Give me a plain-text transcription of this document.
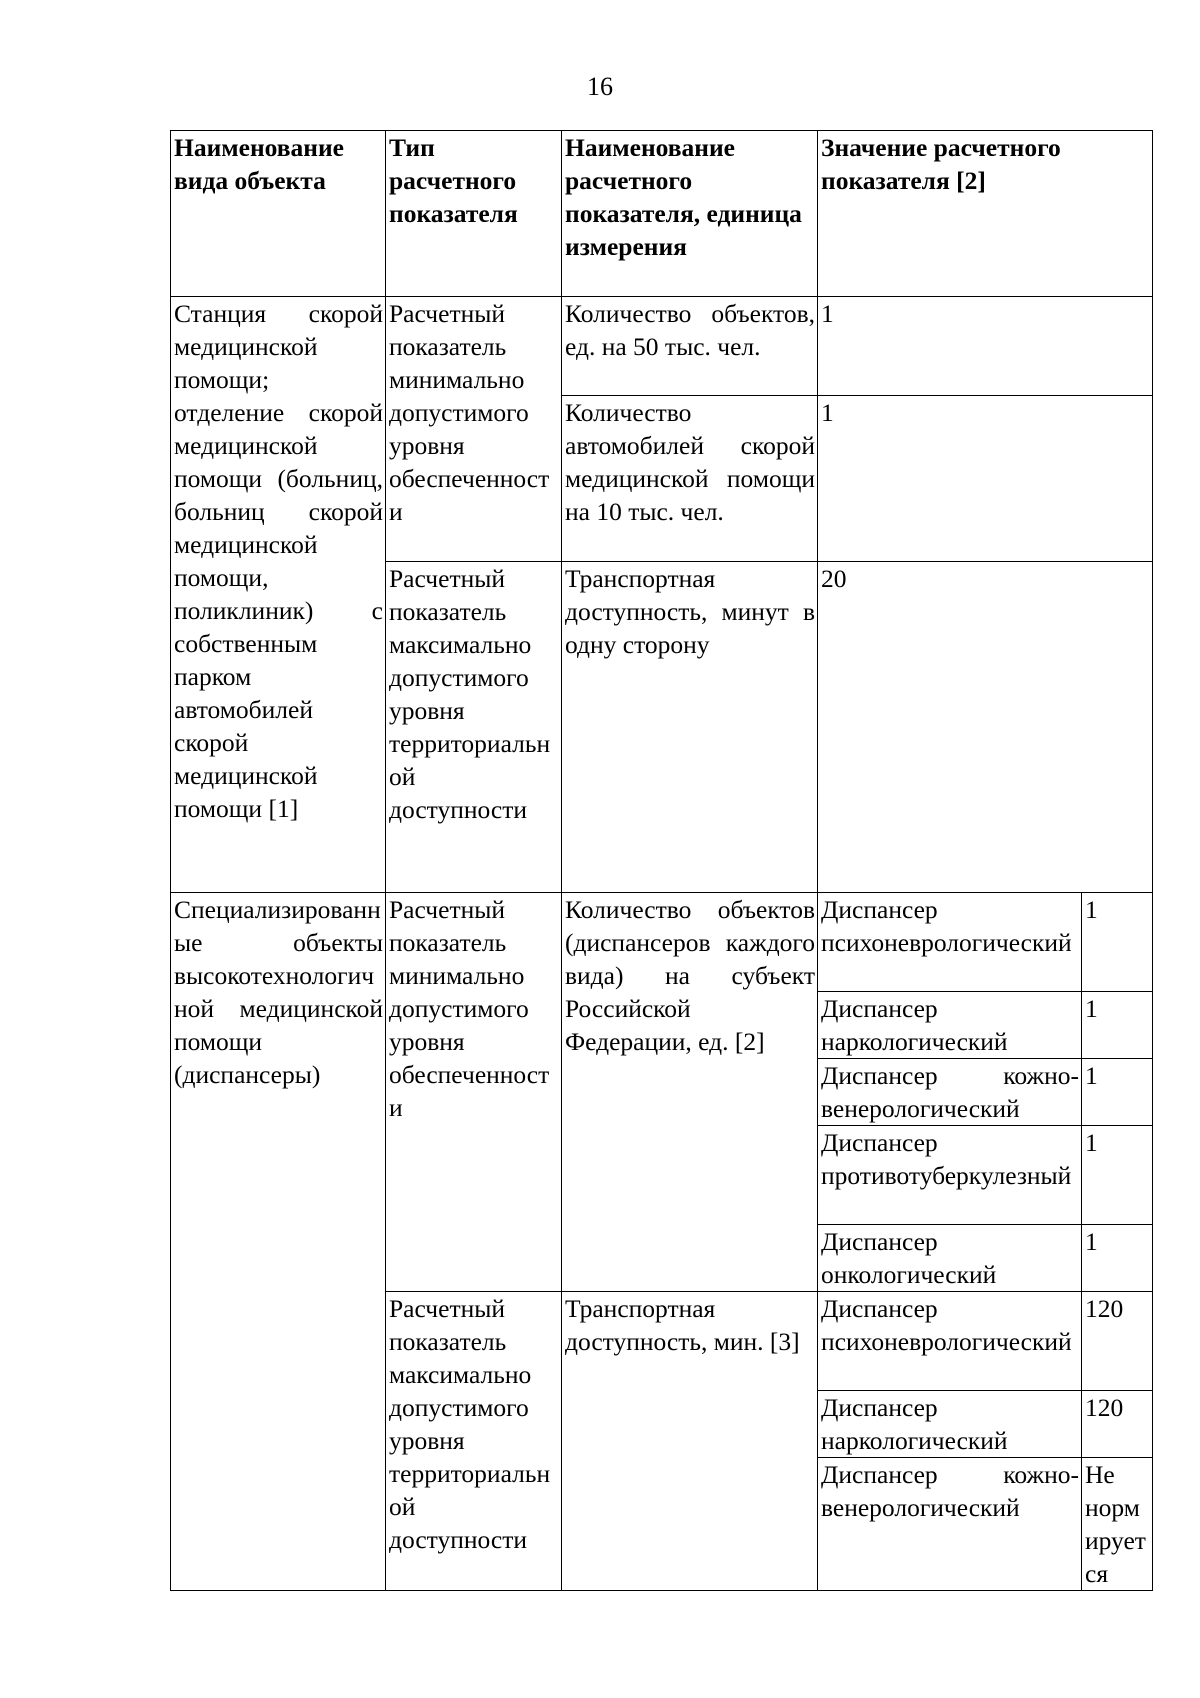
16
Наименование вида объекта	Тип расчетного показателя	Наименование расчетного показателя, единица измерения	Значение расчетного показателя [2]	
Станция скорой медицинской помощи; отделение скорой медицинской помощи (больниц, больниц скорой медицинской помощи, поликлиник) с собственным парком автомобилей скорой медицинской помощи [1]	Расчетный показатель минимально допустимого уровня обеспеченности	Количество объектов, ед. на 50 тыс. чел.	1	
		Количество автомобилей скорой медицинской помощи на 10 тыс. чел.	1	
	Расчетный показатель максимально допустимого уровня территориальной доступности	Транспортная доступность, минут в одну сторону	20	
Специализированные объекты высокотехнологичной медицинской помощи (диспансеры)	Расчетный показатель минимально допустимого уровня обеспеченности	Количество объектов (диспансеров каждого вида) на субъект Российской Федерации, ед. [2]	Диспансер психоневрологический	1
			Диспансер наркологический	1
			Диспансер кожно-венерологический	1
			Диспансер противотуберкулезный	1
			Диспансер онкологический	1
	Расчетный показатель максимально допустимого уровня территориальной доступности	Транспортная доступность, мин. [3]	Диспансер психоневрологический	120
			Диспансер наркологический	120
			Диспансер кожно-венерологический	Не нормируется
